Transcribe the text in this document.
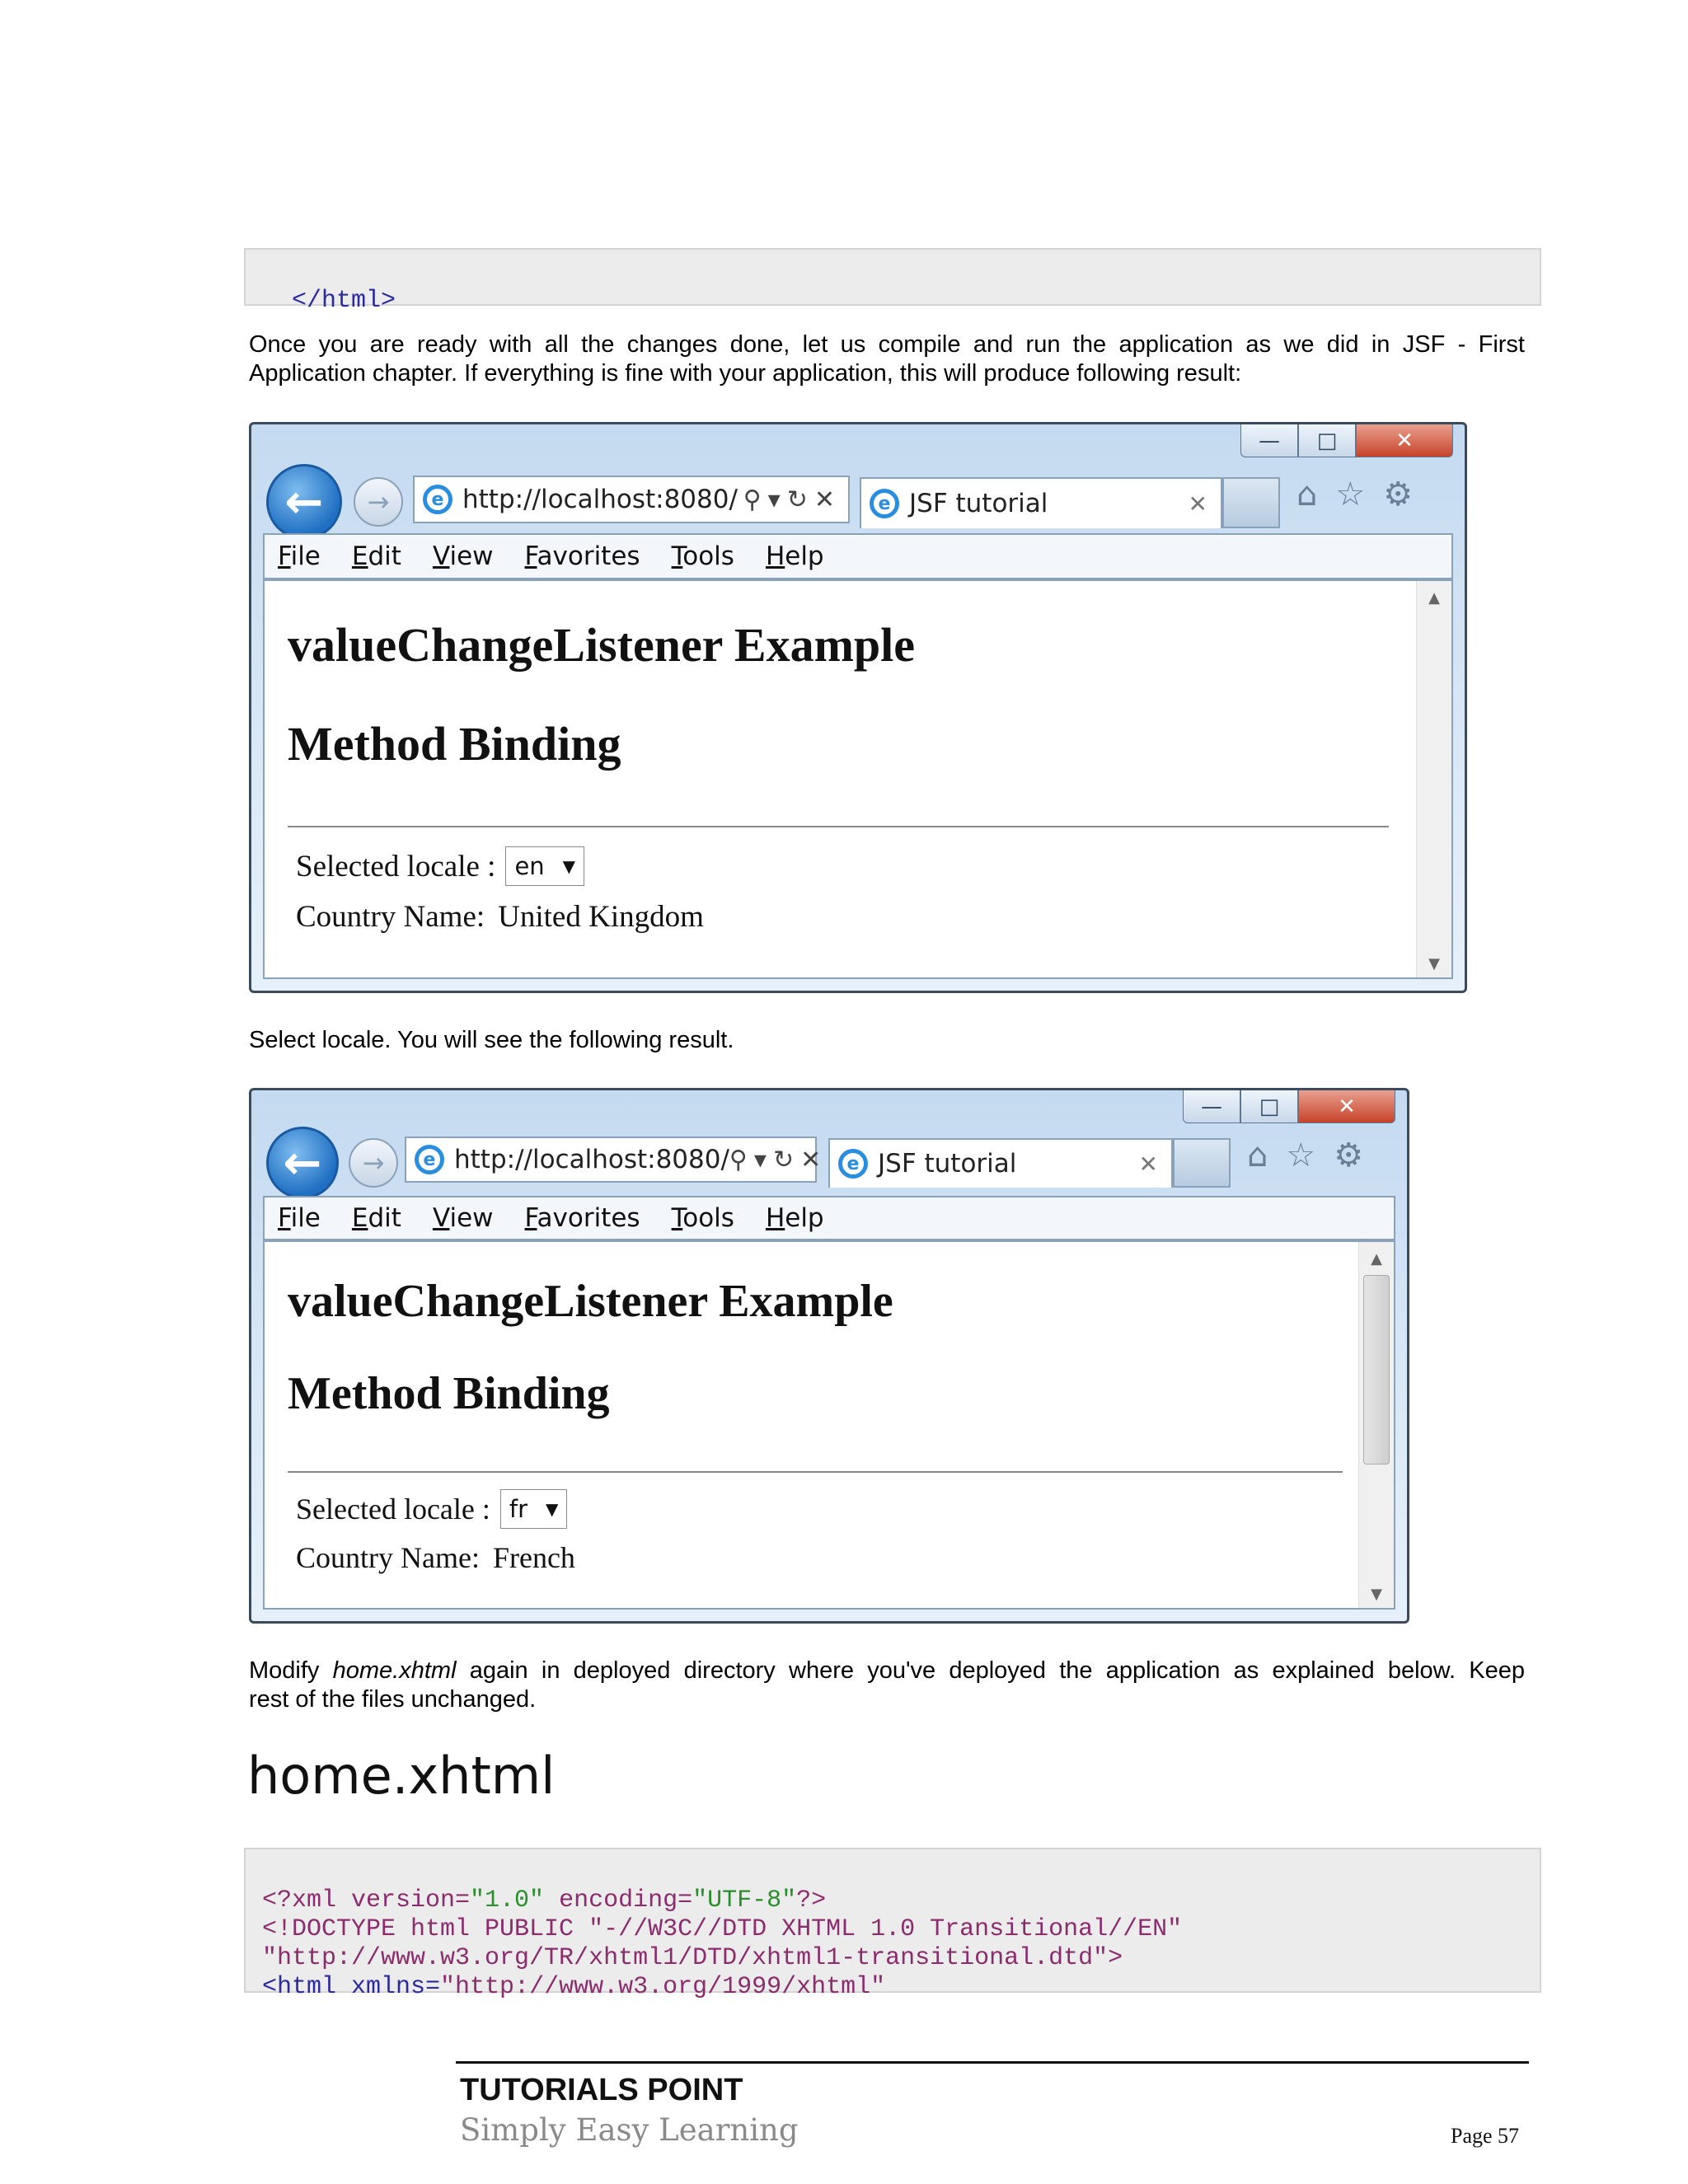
</html>

Once you are ready with all the changes done, let us compile and run the application as we did in JSF - First
Application chapter. If everything is fine with your application, this will produce following result:
—	□	✕
←	→	e http://localhost:8080/ ⚲▾↻✕	e JSF tutorial	✕	⌂ ☆ ⚙
File Edit View Favorites Tools Help
valueChangeListener Example
Method Binding
Selected locale : en ▼
Country Name: United Kingdom
▲
▼
Select locale. You will see the following result.
—	□	✕
←	→	e http://localhost:8080/ ⚲▾↻✕	e JSF tutorial	✕	⌂ ☆ ⚙
File Edit View Favorites Tools Help
valueChangeListener Example
Method Binding
Selected locale : fr ▼
Country Name: French
▲
▼
Modify home.xhtml again in deployed directory where you've deployed the application as explained below. Keep
rest of the files unchanged.
home.xhtml

<?xml version="1.0" encoding="UTF-8"?>
<!DOCTYPE html PUBLIC "-//W3C//DTD XHTML 1.0 Transitional//EN"
"http://www.w3.org/TR/xhtml1/DTD/xhtml1-transitional.dtd">
<html xmlns="http://www.w3.org/1999/xhtml"
TUTORIALS POINT
Simply Easy Learning	Page 57
